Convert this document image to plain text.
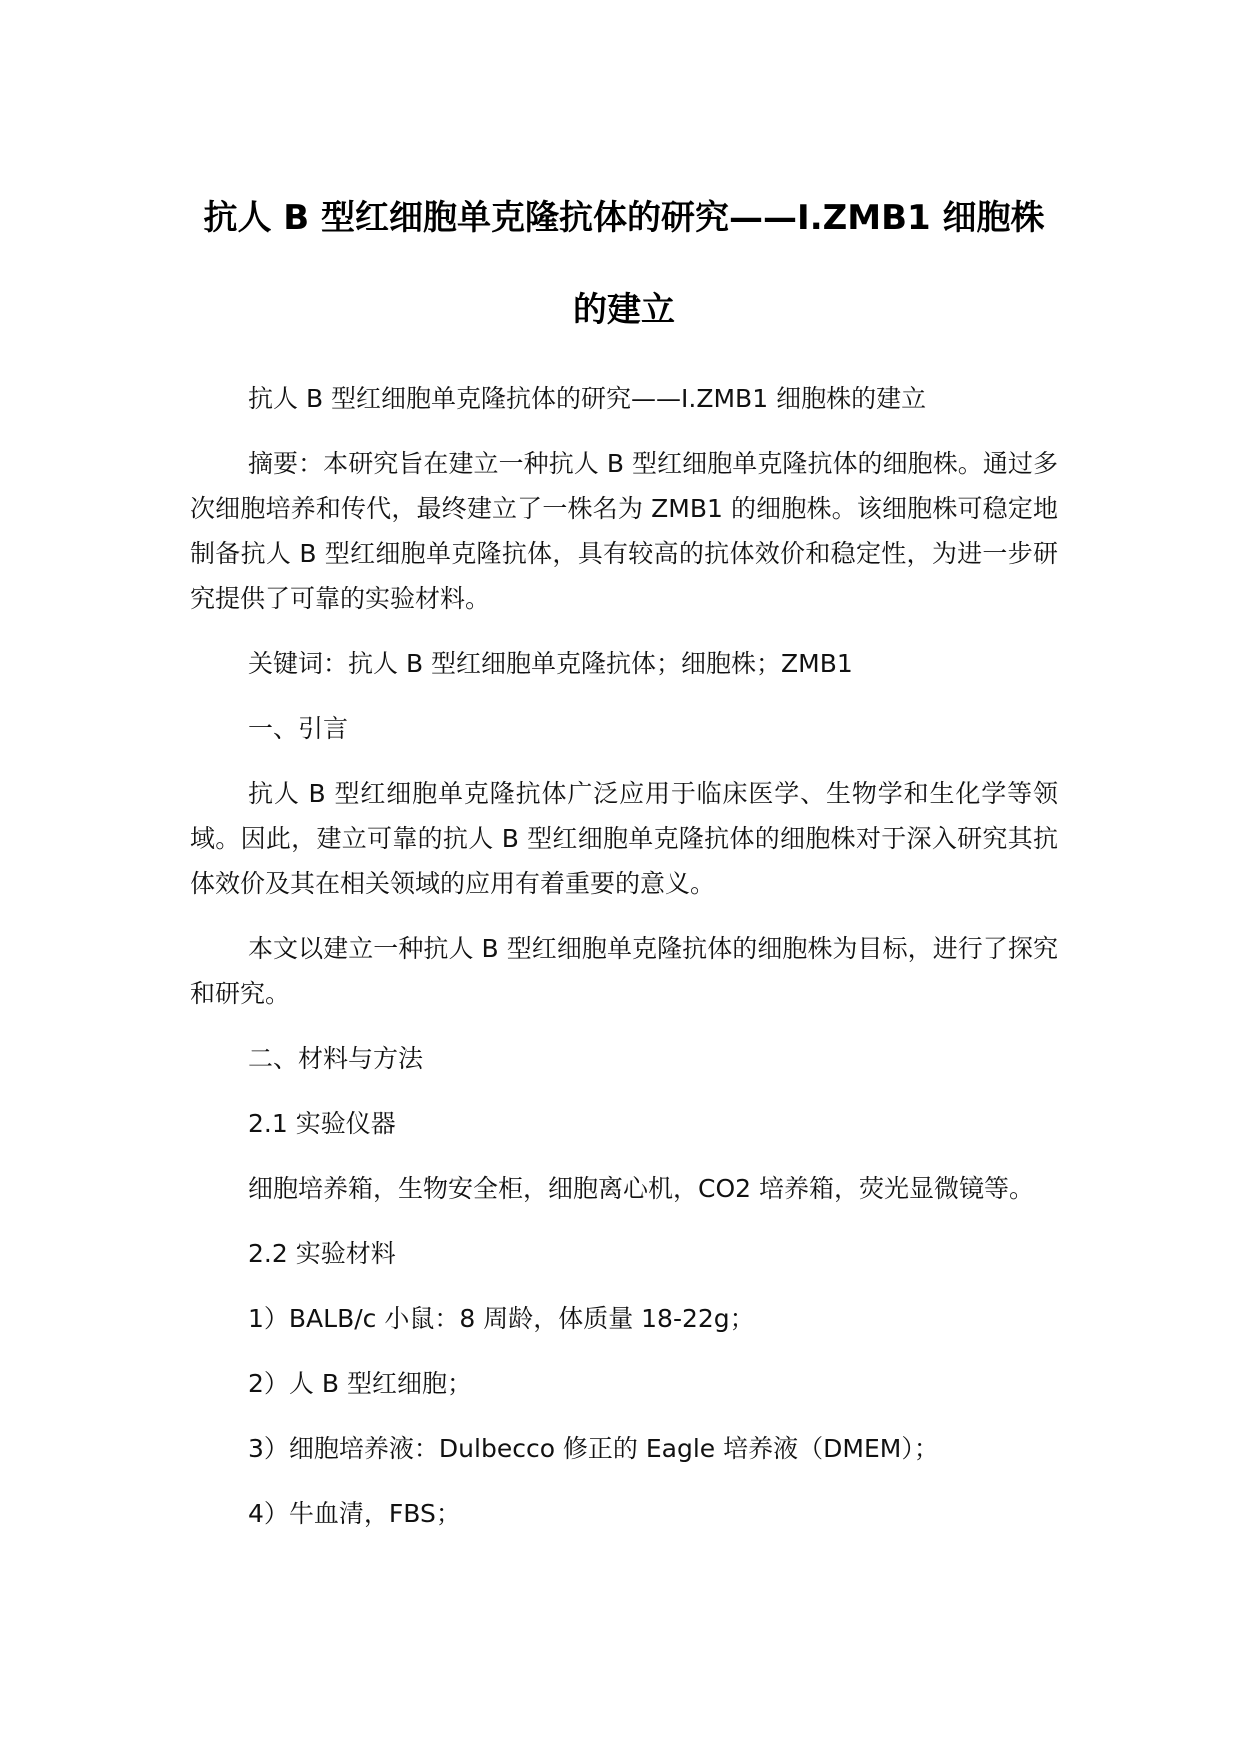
抗人 B 型红细胞单克隆抗体的研究——Ⅰ.ZMB1 细胞株的建立

抗人 B 型红细胞单克隆抗体的研究——Ⅰ.ZMB1 细胞株的建立

摘要：本研究旨在建立一种抗人 B 型红细胞单克隆抗体的细胞株。通过多次细胞培养和传代，最终建立了一株名为 ZMB1 的细胞株。该细胞株可稳定地制备抗人 B 型红细胞单克隆抗体，具有较高的抗体效价和稳定性，为进一步研究提供了可靠的实验材料。

关键词：抗人 B 型红细胞单克隆抗体；细胞株；ZMB1

一、引言

抗人 B 型红细胞单克隆抗体广泛应用于临床医学、生物学和生化学等领域。因此，建立可靠的抗人 B 型红细胞单克隆抗体的细胞株对于深入研究其抗体效价及其在相关领域的应用有着重要的意义。

本文以建立一种抗人 B 型红细胞单克隆抗体的细胞株为目标，进行了探究和研究。

二、材料与方法

2.1 实验仪器

细胞培养箱，生物安全柜，细胞离心机，CO2 培养箱，荧光显微镜等。

2.2 实验材料

1）BALB/c 小鼠：8 周龄，体质量 18-22g；

2）人 B 型红细胞；

3）细胞培养液：Dulbecco 修正的 Eagle 培养液（DMEM）；

4）牛血清，FBS；
